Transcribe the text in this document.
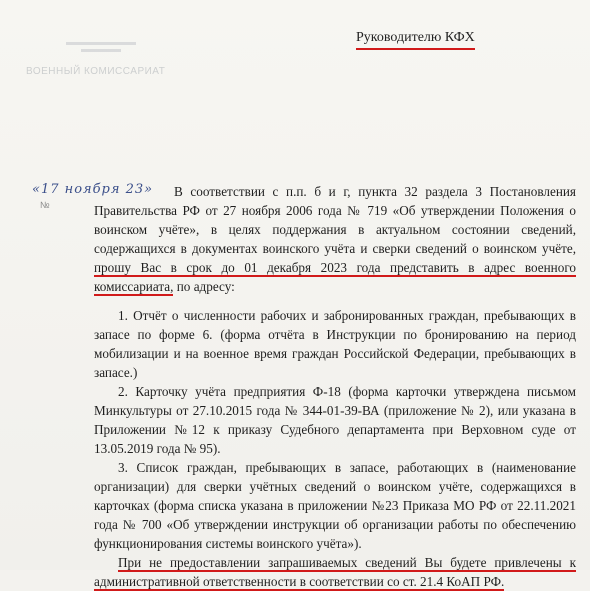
ВОЕННЫЙ КОМИССАРИАТ
Руководителю КФХ
«17 ноября 23»
№

В соответствии с п.п. б и г, пункта 32 раздела 3 Постановления Правительства РФ от 27 ноября 2006 года № 719 «Об утверждении Положения о воинском учёте», в целях поддержания в актуальном состоянии сведений, содержащихся в документах воинского учёта и сверки сведений о воинском учёте, прошу Вас в срок до 01 декабря 2023 года представить в адрес военного комиссариата, по адресу:

1. Отчёт о численности рабочих и забронированных граждан, пребывающих в запасе по форме 6. (форма отчёта в Инструкции по бронированию на период мобилизации и на военное время граждан Российской Федерации, пребывающих в запасе.)

2. Карточку учёта предприятия Ф-18 (форма карточки утверждена письмом Минкультуры от 27.10.2015 года № 344-01-39-ВА (приложение № 2), или указана в Приложении №12 к приказу Судебного департамента при Верховном суде от 13.05.2019 года № 95).

3. Список граждан, пребывающих в запасе, работающих в (наименование организации) для сверки учётных сведений о воинском учёте, содержащихся в карточках (форма списка указана в приложении №23 Приказа МО РФ от 22.11.2021 года № 700 «Об утверждении инструкции об организации работы по обеспечению функционирования системы воинского учёта»).

При не предоставлении запрашиваемых сведений Вы будете привлечены к административной ответственности в соответствии со ст. 21.4 КоАП РФ.
